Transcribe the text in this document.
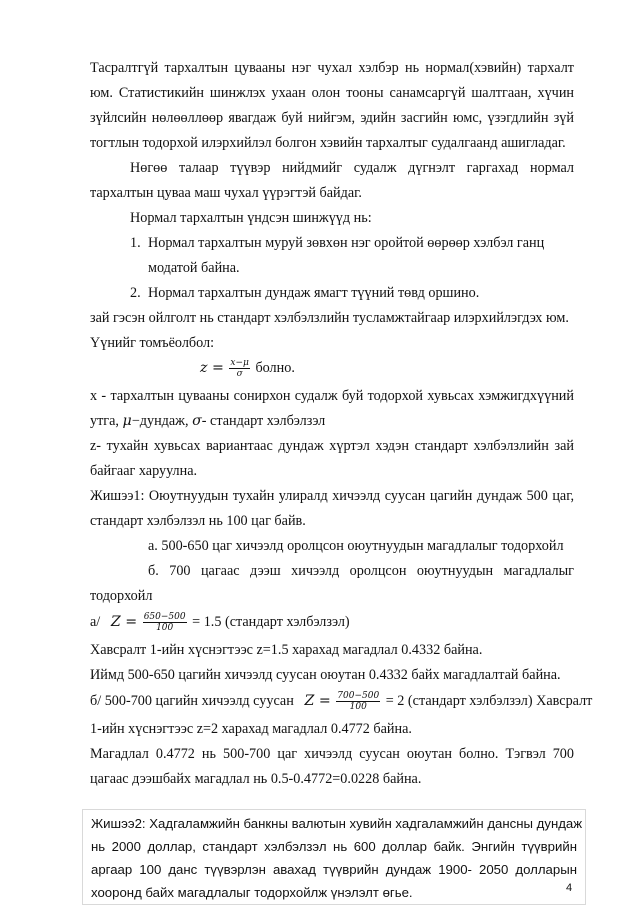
Тасралтгүй тархалтын цуваaны нэг чухал хэлбэр нь нормал(хэвийн) тархалт
юм. Статистикийн шинжлэх ухаан олон тооны санамсаргүй шалтгаан, хүчин
зүйлсийн нөлөөллөөр явагдаж буй нийгэм, эдийн засгийн юмс, үзэгдлийн зүй
тогтлын тодорхой илэрхийлэл болгон хэвийн тархалтыг судалгаанд ашигладаг.
Нөгөө талаар түүвэр нийдмийг судалж дүгнэлт гаргахад нормал
тархалтын цуваа маш чухал үүрэгтэй байдаг.
Нормал тархалтын үндсэн шинжүүд нь:
1. Нормал тархалтын муруй зөвхөн нэг оройтой өөрөөр хэлбэл ганц
модатой байна.
2. Нормал тархалтын дундаж ямагт түүний төвд оршино.
зай гэсэн ойлголт нь стандарт хэлбэлзлийн тусламжтайгаар илэрхийлэгдэх юм.
Үүнийг томъёолбол:
$z = \frac{x-\mu}{\sigma}$ болно.
x - тархалтын цуваaны сонирхон судалж буй тодорхой хувьсах хэмжигдхүүний
утга, μ−дундаж, σ- стандарт хэлбэлзэл
z- тухайн хувьсах вариантаас дундаж хүртэл хэдэн стандарт хэлбэлзлийн зай
байгааг харуулна.
Жишээ1: Оюутнуудын тухайн улиралд хичээлд суусан цагийн дундаж 500 цаг,
стандарт хэлбэлзэл нь 100 цаг байв.
а. 500-650 цаг хичээлд оролцсон оюутнуудын магадлалыг тодорхойл
б. 700 цагаас дээш хичээлд оролцсон оюутнуудын магадлалыг
тодорхойл
а/ $Z = \frac{650-500}{100} = 1.5$ (стандарт хэлбэлзэл)
Хавсралт 1-ийн хүснэгтээс z=1.5 харахад магадлал 0.4332 байна.
Иймд 500-650 цагийн хичээлд суусан оюутан 0.4332 байх магадлалтай байна.
б/ 500-700 цагийн хичээлд суусан $Z = \frac{700-500}{100} = 2$ (стандарт хэлбэлзэл) Хавсралт
1-ийн хүснэгтээс z=2 харахад магадлал 0.4772 байна.
Магадлал 0.4772 нь 500-700 цаг хичээлд суусан оюутан болно. Тэгвэл 700
цагаас дээшбайх магадлал нь 0.5-0.4772=0.0228 байна.
Жишээ2: Хадгаламжийн банкны валютын хувийн хадгаламжийн дансны дундаж
нь 2000 доллар, стандарт хэлбэлзэл нь 600 доллар байк. Энгийн түүврийн
аргаар 100 данс түүвэрлэн авахад түүврийн дундаж 1900- 2050 долларын
хооронд байх магадлалыг тодорхойлж үнэлэлт өгье.	4
